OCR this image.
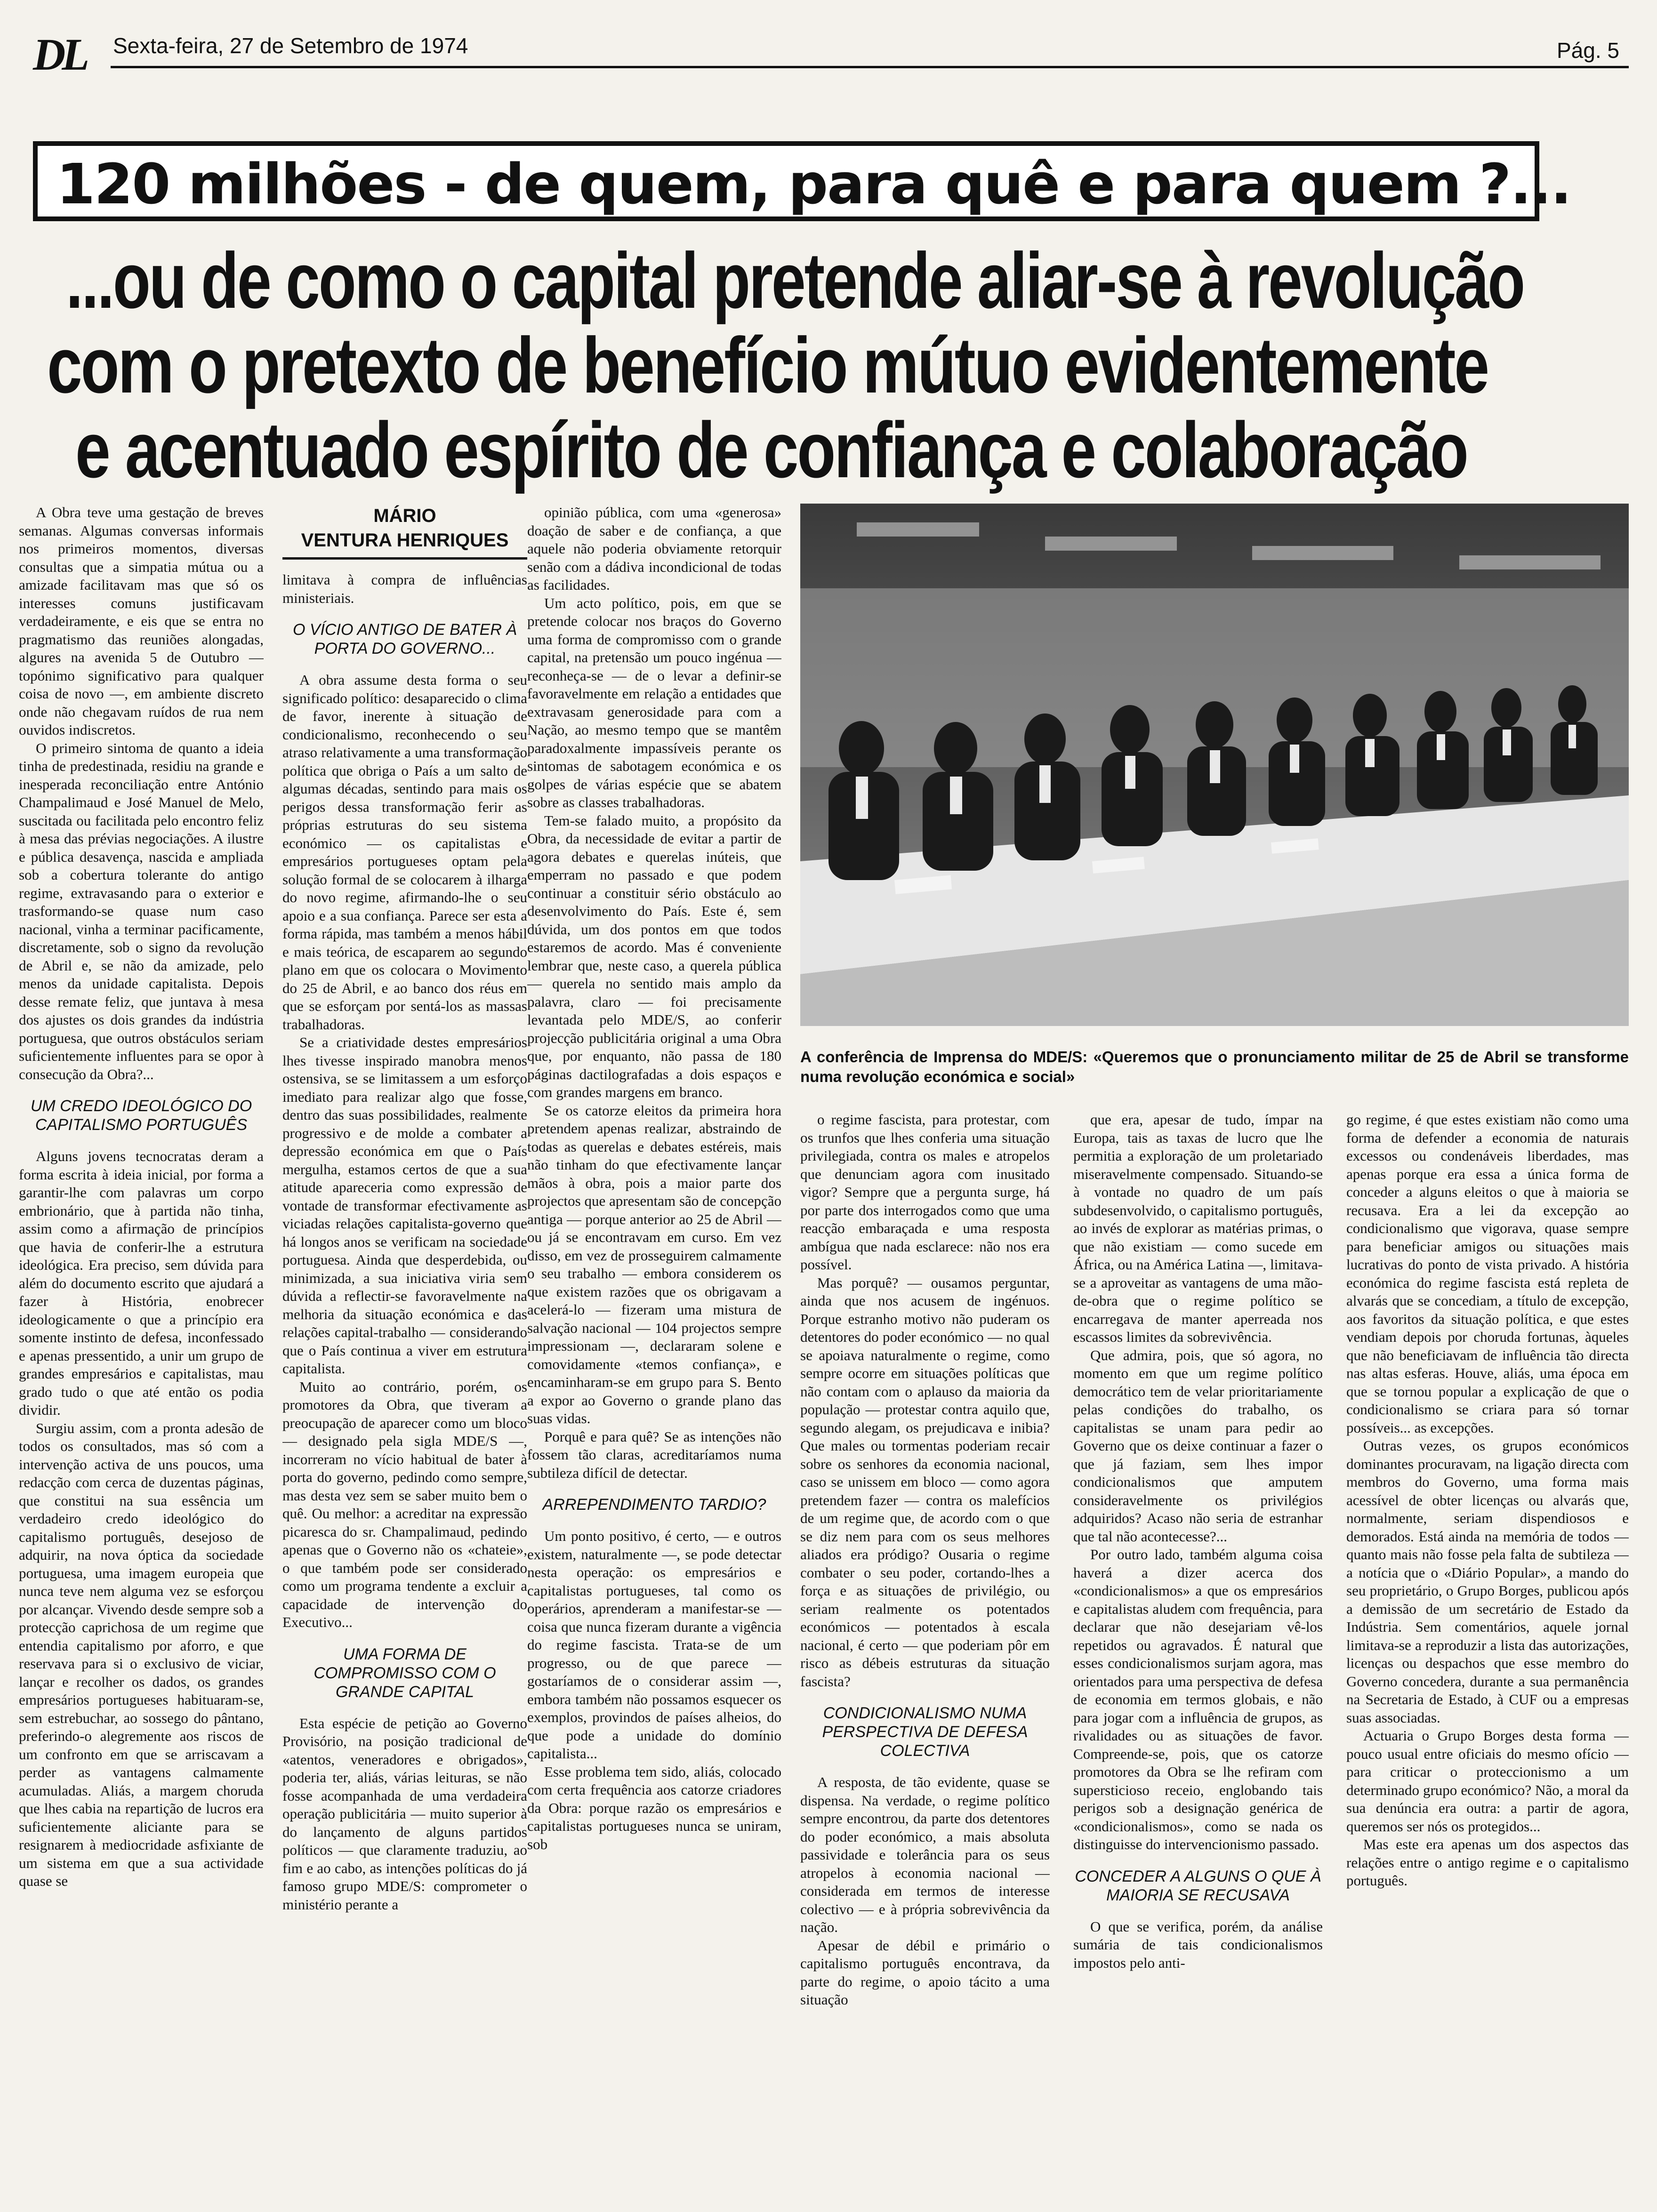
DL Sexta-feira, 27 de Setembro de 1974	Pág. 5
120 milhões - de quem, para quê e para quem ?...
...ou de como o capital pretende aliar-se à revolução
com o pretexto de benefício mútuo evidentemente
e acentuado espírito de confiança e colaboração

A Obra teve uma gestação de breves semanas. Algumas conversas informais nos primeiros momentos, diversas consultas que a simpatia mútua ou a amizade facilitavam mas que só os interesses comuns justificavam verdadeiramente, e eis que se entra no pragmatismo das reuniões alongadas, algures na avenida 5 de Outubro — topónimo significativo para qualquer coisa de novo —, em ambiente discreto onde não chegavam ruídos de rua nem ouvidos indiscretos.

O primeiro sintoma de quanto a ideia tinha de predestinada, residiu na grande e inesperada reconciliação entre António Champalimaud e José Manuel de Melo, suscitada ou facilitada pelo encontro feliz à mesa das prévias negociações. A ilustre e pública desavença, nascida e ampliada sob a cobertura tolerante do antigo regime, extravasando para o exterior e trasformando-se quase num caso nacional, vinha a terminar pacificamente, discretamente, sob o signo da revolução de Abril e, se não da amizade, pelo menos da unidade capitalista. Depois desse remate feliz, que juntava à mesa dos ajustes os dois grandes da indústria portuguesa, que outros obstáculos seriam suficientemente influentes para se opor à consecução da Obra?...

UM CREDO IDEOLÓGICO DO CAPITALISMO PORTUGUÊS

Alguns jovens tecnocratas deram a forma escrita à ideia inicial, por forma a garantir-lhe com palavras um corpo embrionário, que à partida não tinha, assim como a afirmação de princípios que havia de conferir-lhe a estrutura ideológica. Era preciso, sem dúvida para além do documento escrito que ajudará a fazer à História, enobrecer ideologicamente o que a princípio era somente instinto de defesa, inconfessado e apenas pressentido, a unir um grupo de grandes empresários e capitalistas, mau grado tudo o que até então os podia dividir.

Surgiu assim, com a pronta adesão de todos os consultados, mas só com a intervenção activa de uns poucos, uma redacção com cerca de duzentas páginas, que constitui na sua essência um verdadeiro credo ideológico do capitalismo português, desejoso de adquirir, na nova óptica da sociedade portuguesa, uma imagem europeia que nunca teve nem alguma vez se esforçou por alcançar. Vivendo desde sempre sob a protecção caprichosa de um regime que entendia capitalismo por aforro, e que reservava para si o exclusivo de viciar, lançar e recolher os dados, os grandes empresários portugueses habituaram-se, sem estrebuchar, ao sossego do pântano, preferindo-o alegremente aos riscos de um confronto em que se arriscavam a perder as vantagens calmamente acumuladas. Aliás, a margem choruda que lhes cabia na repartição de lucros era suficientemente aliciante para se resignarem à mediocridade asfixiante de um sistema em que a sua actividade quase se

MÁRIO
VENTURA HENRIQUES

limitava à compra de influências ministeriais.

O VÍCIO ANTIGO DE BATER À PORTA DO GOVERNO...

A obra assume desta forma o seu significado político: desaparecido o clima de favor, inerente à situação de condicionalismo, reconhecendo o seu atraso relativamente a uma transformação política que obriga o País a um salto de algumas décadas, sentindo para mais os perigos dessa transformação ferir as próprias estruturas do seu sistema económico — os capitalistas e empresários portugueses optam pela solução formal de se colocarem à ilharga do novo regime, afirmando-lhe o seu apoio e a sua confiança. Parece ser esta a forma rápida, mas também a menos hábil e mais teórica, de escaparem ao segundo plano em que os colocara o Movimento do 25 de Abril, e ao banco dos réus em que se esforçam por sentá-los as massas trabalhadoras.

Se a criatividade destes empresários lhes tivesse inspirado manobra menos ostensiva, se se limitassem a um esforço imediato para realizar algo que fosse, dentro das suas possibilidades, realmente progressivo e de molde a combater a depressão económica em que o País mergulha, estamos certos de que a sua atitude apareceria como expressão de vontade de transformar efectivamente as viciadas relações capitalista-governo que há longos anos se verificam na sociedade portuguesa. Ainda que desperdebida, ou minimizada, a sua iniciativa viria sem dúvida a reflectir-se favoravelmente na melhoria da situação económica e das relações capital-trabalho — considerando que o País continua a viver em estrutura capitalista.

Muito ao contrário, porém, os promotores da Obra, que tiveram a preocupação de aparecer como um bloco — designado pela sigla MDE/S —, incorreram no vício habitual de bater à porta do governo, pedindo como sempre, mas desta vez sem se saber muito bem o quê. Ou melhor: a acreditar na expressão picaresca do sr. Champalimaud, pedindo apenas que o Governo não os «chateie», o que também pode ser considerado como um programa tendente a excluir a capacidade de intervenção do Executivo...

UMA FORMA DE COMPROMISSO COM O GRANDE CAPITAL

Esta espécie de petição ao Governo Provisório, na posição tradicional de «atentos, veneradores e obrigados», poderia ter, aliás, várias leituras, se não fosse acompanhada de uma verdadeira operação publicitária — muito superior à do lançamento de alguns partidos políticos — que claramente traduziu, ao fim e ao cabo, as intenções políticas do já famoso grupo MDE/S: comprometer o ministério perante a

opinião pública, com uma «generosa» doação de saber e de confiança, a que aquele não poderia obviamente retorquir senão com a dádiva incondicional de todas as facilidades.

Um acto político, pois, em que se pretende colocar nos braços do Governo uma forma de compromisso com o grande capital, na pretensão um pouco ingénua — reconheça-se — de o levar a definir-se favoravelmente em relação a entidades que extravasam generosidade para com a Nação, ao mesmo tempo que se mantêm paradoxalmente impassíveis perante os sintomas de sabotagem económica e os golpes de várias espécie que se abatem sobre as classes trabalhadoras.

Tem-se falado muito, a propósito da Obra, da necessidade de evitar a partir de agora debates e querelas inúteis, que emperram no passado e que podem continuar a constituir sério obstáculo ao desenvolvimento do País. Este é, sem dúvida, um dos pontos em que todos estaremos de acordo. Mas é conveniente lembrar que, neste caso, a querela pública — querela no sentido mais amplo da palavra, claro — foi precisamente levantada pelo MDE/S, ao conferir projecção publicitária original a uma Obra que, por enquanto, não passa de 180 páginas dactilografadas a dois espaços e com grandes margens em branco.

Se os catorze eleitos da primeira hora pretendem apenas realizar, abstraindo de todas as querelas e debates estéreis, mais não tinham do que efectivamente lançar mãos à obra, pois a maior parte dos projectos que apresentam são de concepção antiga — porque anterior ao 25 de Abril — ou já se encontravam em curso. Em vez disso, em vez de prosseguirem calmamente o seu trabalho — embora considerem os que existem razões que os obrigavam a acelerá-lo — fizeram uma mistura de salvação nacional — 104 projectos sempre impressionam —, declararam solene e comovidamente «temos confiança», e encaminharam-se em grupo para S. Bento a expor ao Governo o grande plano das suas vidas.

Porquê e para quê? Se as intenções não fossem tão claras, acreditaríamos numa subtileza difícil de detectar.

ARREPENDIMENTO TARDIO?

Um ponto positivo, é certo, — e outros existem, naturalmente —, se pode detectar nesta operação: os empresários e capitalistas portugueses, tal como os operários, aprenderam a manifestar-se — coisa que nunca fizeram durante a vigência do regime fascista. Trata-se de um progresso, ou de que parece — gostaríamos de o considerar assim —, embora também não possamos esquecer os exemplos, provindos de países alheios, do que pode a unidade do domínio capitalista...

Esse problema tem sido, aliás, colocado com certa frequência aos catorze criadores da Obra: porque razão os empresários e capitalistas portugueses nunca se uniram, sob

A conferência de Imprensa do MDE/S: «Queremos que o pronunciamento militar de 25 de Abril se transforme numa revolução económica e social»

o regime fascista, para protestar, com os trunfos que lhes conferia uma situação privilegiada, contra os males e atropelos que denunciam agora com inusitado vigor? Sempre que a pergunta surge, há por parte dos interrogados como que uma reacção embaraçada e uma resposta ambígua que nada esclarece: não nos era possível.

Mas porquê? — ousamos perguntar, ainda que nos acusem de ingénuos. Porque estranho motivo não puderam os detentores do poder económico — no qual se apoiava naturalmente o regime, como sempre ocorre em situações políticas que não contam com o aplauso da maioria da população — protestar contra aquilo que, segundo alegam, os prejudicava e inibia? Que males ou tormentas poderiam recair sobre os senhores da economia nacional, caso se unissem em bloco — como agora pretendem fazer — contra os malefícios de um regime que, de acordo com o que se diz nem para com os seus melhores aliados era pródigo? Ousaria o regime combater o seu poder, cortando-lhes a força e as situações de privilégio, ou seriam realmente os potentados económicos — potentados à escala nacional, é certo — que poderiam pôr em risco as débeis estruturas da situação fascista?

CONDICIONALISMO NUMA PERSPECTIVA DE DEFESA COLECTIVA

A resposta, de tão evidente, quase se dispensa. Na verdade, o regime político sempre encontrou, da parte dos detentores do poder económico, a mais absoluta passividade e tolerância para os seus atropelos à economia nacional — considerada em termos de interesse colectivo — e à própria sobrevivência da nação.

Apesar de débil e primário o capitalismo português encontrava, da parte do regime, o apoio tácito a uma situação

que era, apesar de tudo, ímpar na Europa, tais as taxas de lucro que lhe permitia a exploração de um proletariado miseravelmente compensado. Situando-se à vontade no quadro de um país subdesenvolvido, o capitalismo português, ao invés de explorar as matérias primas, o que não existiam — como sucede em África, ou na América Latina —, limitava-se a aproveitar as vantagens de uma mão-de-obra que o regime político se encarregava de manter aperreada nos escassos limites da sobrevivência.

Que admira, pois, que só agora, no momento em que um regime político democrático tem de velar prioritariamente pelas condições do trabalho, os capitalistas se unam para pedir ao Governo que os deixe continuar a fazer o que já faziam, sem lhes impor condicionalismos que amputem consideravelmente os privilégios adquiridos? Acaso não seria de estranhar que tal não acontecesse?...

Por outro lado, também alguma coisa haverá a dizer acerca dos «condicionalismos» a que os empresários e capitalistas aludem com frequência, para declarar que não desejariam vê-los repetidos ou agravados. É natural que esses condicionalismos surjam agora, mas orientados para uma perspectiva de defesa de economia em termos globais, e não para jogar com a influência de grupos, as rivalidades ou as situações de favor. Compreende-se, pois, que os catorze promotores da Obra se lhe refiram com supersticioso receio, englobando tais perigos sob a designação genérica de «condicionalismos», como se nada os distinguisse do intervencionismo passado.

CONCEDER A ALGUNS O QUE À MAIORIA SE RECUSAVA

O que se verifica, porém, da análise sumária de tais condicionalismos impostos pelo anti-

go regime, é que estes existiam não como uma forma de defender a economia de naturais excessos ou condenáveis liberdades, mas apenas porque era essa a única forma de conceder a alguns eleitos o que à maioria se recusava. Era a lei da excepção ao condicionalismo que vigorava, quase sempre para beneficiar amigos ou situações mais lucrativas do ponto de vista privado. A história económica do regime fascista está repleta de alvarás que se concediam, a título de excepção, aos favoritos da situação política, e que estes vendiam depois por choruda fortunas, àqueles que não beneficiavam de influência tão directa nas altas esferas. Houve, aliás, uma época em que se tornou popular a explicação de que o condicionalismo se criara para só tornar possíveis... as excepções.

Outras vezes, os grupos económicos dominantes procuravam, na ligação directa com membros do Governo, uma forma mais acessível de obter licenças ou alvarás que, normalmente, seriam dispendiosos e demorados. Está ainda na memória de todos — quanto mais não fosse pela falta de subtileza — a notícia que o «Diário Popular», a mando do seu proprietário, o Grupo Borges, publicou após a demissão de um secretário de Estado da Indústria. Sem comentários, aquele jornal limitava-se a reproduzir a lista das autorizações, licenças ou despachos que esse membro do Governo concedera, durante a sua permanência na Secretaria de Estado, à CUF ou a empresas suas associadas.

Actuaria o Grupo Borges desta forma — pouco usual entre oficiais do mesmo ofício — para criticar o proteccionismo a um determinado grupo económico? Não, a moral da sua denúncia era outra: a partir de agora, queremos ser nós os protegidos...

Mas este era apenas um dos aspectos das relações entre o antigo regime e o capitalismo português.
